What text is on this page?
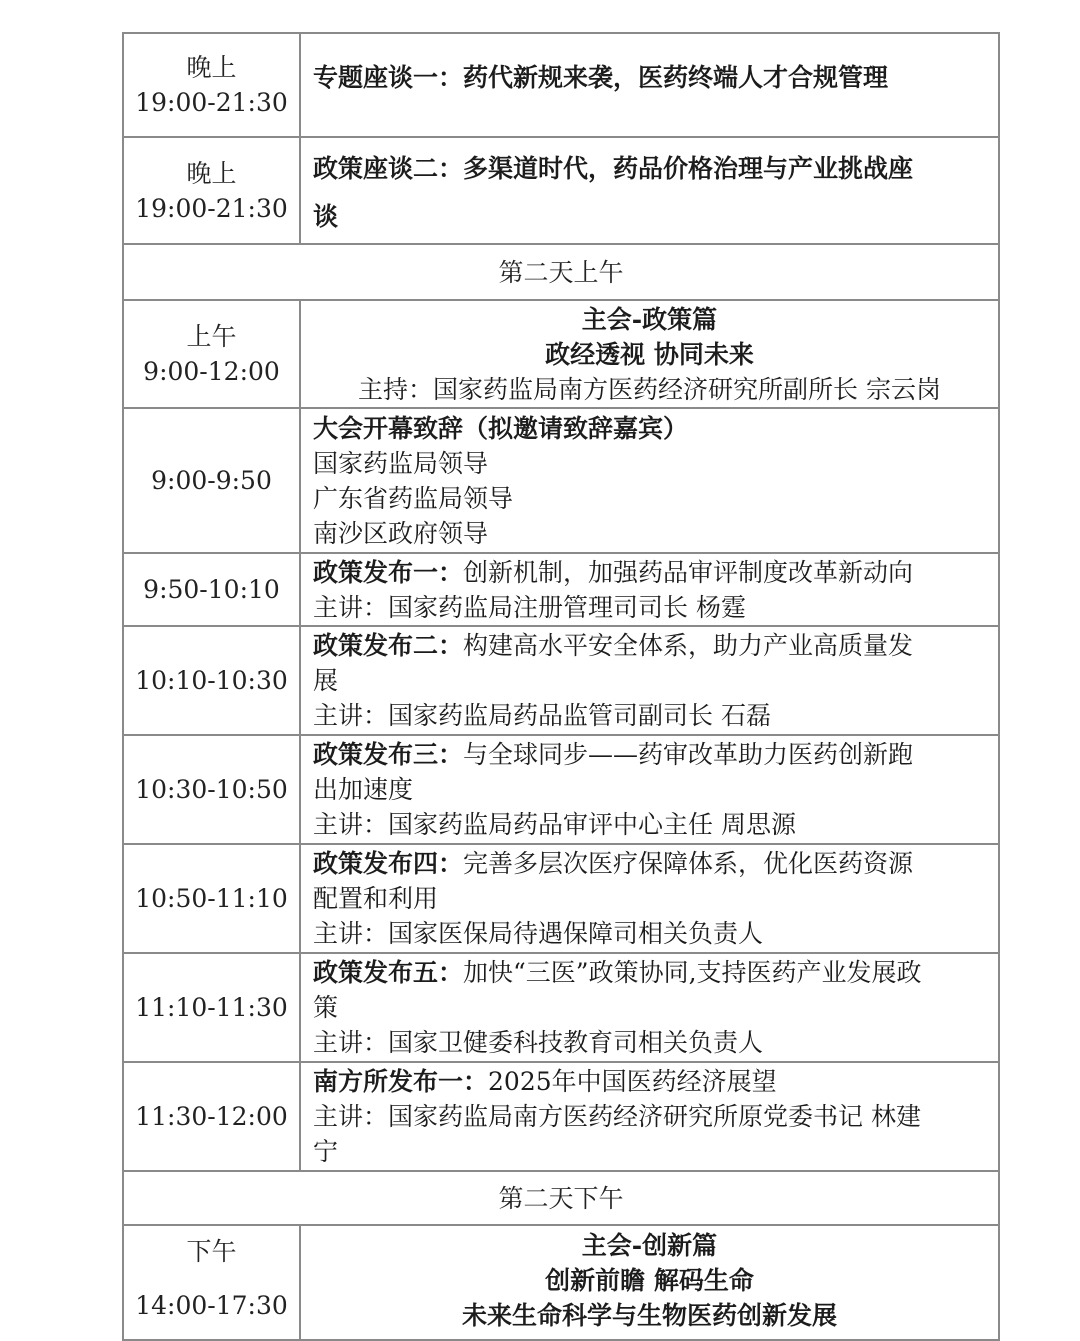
晚上
19:00-21:30	专题座谈一：药代新规来袭，医药终端人才合规管理

晚上
19:00-21:30	政策座谈二：多渠道时代，药品价格治理与产业挑战座
谈

第二天上午	

上午
9:00-12:00	主会-政策篇
政经透视 协同未来
主持：国家药监局南方医药经济研究所副所长 宗云岗

9:00-9:50	大会开幕致辞（拟邀请致辞嘉宾）
国家药监局领导
广东省药监局领导
南沙区政府领导

9:50-10:10	政策发布一：创新机制，加强药品审评制度改革新动向
主讲：国家药监局注册管理司司长 杨霆

10:10-10:30	政策发布二：构建高水平安全体系，助力产业高质量发
展
主讲：国家药监局药品监管司副司长 石磊

10:30-10:50	政策发布三：与全球同步——药审改革助力医药创新跑
出加速度
主讲：国家药监局药品审评中心主任 周思源

10:50-11:10	政策发布四：完善多层次医疗保障体系，优化医药资源
配置和利用
主讲：国家医保局待遇保障司相关负责人

11:10-11:30	政策发布五：加快“三医”政策协同,支持医药产业发展政
策
主讲：国家卫健委科技教育司相关负责人

11:30-12:00	南方所发布一：2025年中国医药经济展望
主讲：国家药监局南方医药经济研究所原党委书记 林建
宁

第二天下午	

下午
14:00-17:30	主会-创新篇
创新前瞻 解码生命
未来生命科学与生物医药创新发展
